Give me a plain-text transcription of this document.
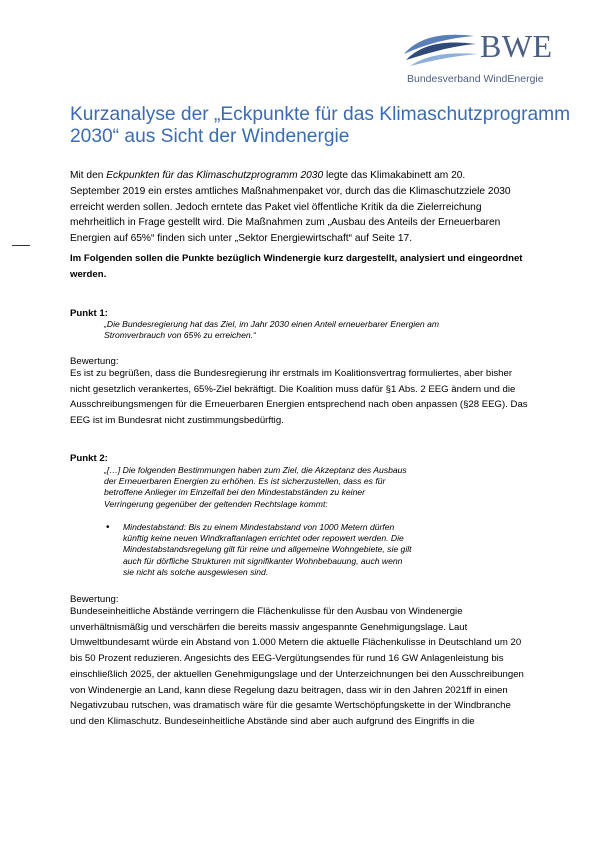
BWE
Bundesverband WindEnergie
Kurzanalyse der „Eckpunkte für das Klimaschutzprogramm
2030“ aus Sicht der Windenergie

Mit den Eckpunkten für das Klimaschutzprogramm 2030 legte das Klimakabinett am 20.
September 2019 ein erstes amtliches Maßnahmenpaket vor, durch das die Klimaschutzziele 2030
erreicht werden sollen. Jedoch erntete das Paket viel öffentliche Kritik da die Zielerreichung
mehrheitlich in Frage gestellt wird. Die Maßnahmen zum „Ausbau des Anteils der Erneuerbaren
Energien auf 65%“ finden sich unter „Sektor Energiewirtschaft“ auf Seite 17.

Im Folgenden sollen die Punkte bezüglich Windenergie kurz dargestellt, analysiert und eingeordnet
werden.

Punkt 1:

„Die Bundesregierung hat das Ziel, im Jahr 2030 einen Anteil erneuerbarer Energien am
Stromverbrauch von 65% zu erreichen.“

Bewertung:

Es ist zu begrüßen, dass die Bundesregierung ihr erstmals im Koalitionsvertrag formuliertes, aber bisher
nicht gesetzlich verankertes, 65%-Ziel bekräftigt. Die Koalition muss dafür §1 Abs. 2 EEG ändern und die
Ausschreibungsmengen für die Erneuerbaren Energien entsprechend nach oben anpassen (§28 EEG). Das
EEG ist im Bundesrat nicht zustimmungsbedürftig.

Punkt 2:

„[…] Die folgenden Bestimmungen haben zum Ziel, die Akzeptanz des Ausbaus
der Erneuerbaren Energien zu erhöhen. Es ist sicherzustellen, dass es für
betroffene Anlieger im Einzelfall bei den Mindestabständen zu keiner
Verringerung gegenüber der geltenden Rechtslage kommt:

• Mindestabstand: Bis zu einem Mindestabstand von 1000 Metern dürfen
künftig keine neuen Windkraftanlagen errichtet oder repowert werden. Die
Mindestabstandsregelung gilt für reine und allgemeine Wohngebiete, sie gilt
auch für dörfliche Strukturen mit signifikanter Wohnbebauung, auch wenn
sie nicht als solche ausgewiesen sind.

Bewertung:

Bundeseinheitliche Abstände verringern die Flächenkulisse für den Ausbau von Windenergie
unverhältnismäßig und verschärfen die bereits massiv angespannte Genehmigungslage. Laut
Umweltbundesamt würde ein Abstand von 1.000 Metern die aktuelle Flächenkulisse in Deutschland um 20
bis 50 Prozent reduzieren. Angesichts des EEG-Vergütungsendes für rund 16 GW Anlagenleistung bis
einschließlich 2025, der aktuellen Genehmigungslage und der Unterzeichnungen bei den Ausschreibungen
von Windenergie an Land, kann diese Regelung dazu beitragen, dass wir in den Jahren 2021ff in einen
Negativzubau rutschen, was dramatisch wäre für die gesamte Wertschöpfungskette in der Windbranche
und den Klimaschutz. Bundeseinheitliche Abstände sind aber auch aufgrund des Eingriffs in die
